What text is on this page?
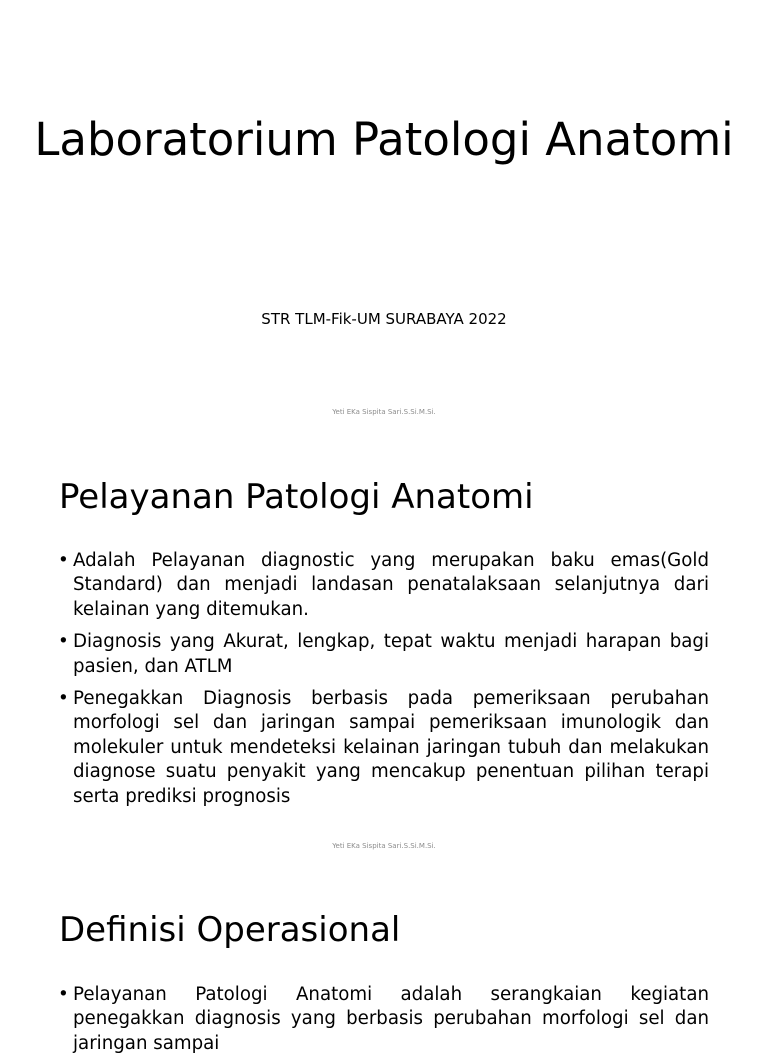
Laboratorium Patologi Anatomi
STR TLM-Fik-UM SURABAYA 2022
Yeti EKa Sispita Sari.S.Si.M.Si.
Pelayanan Patologi Anatomi
• Adalah Pelayanan diagnostic yang merupakan baku emas(Gold Standard) dan menjadi landasan penatalaksaan selanjutnya dari kelainan yang ditemukan.
• Diagnosis yang Akurat, lengkap, tepat waktu menjadi harapan bagi pasien, dan ATLM
• Penegakkan Diagnosis berbasis pada pemeriksaan perubahan morfologi sel dan jaringan sampai pemeriksaan imunologik dan molekuler untuk mendeteksi kelainan jaringan tubuh dan melakukan diagnose suatu penyakit yang mencakup penentuan pilihan terapi serta prediksi prognosis
Yeti EKa Sispita Sari.S.Si.M.Si.
Definisi Operasional
• Pelayanan Patologi Anatomi adalah serangkaian kegiatan penegakkan diagnosis yang berbasis perubahan morfologi sel dan jaringan sampai
